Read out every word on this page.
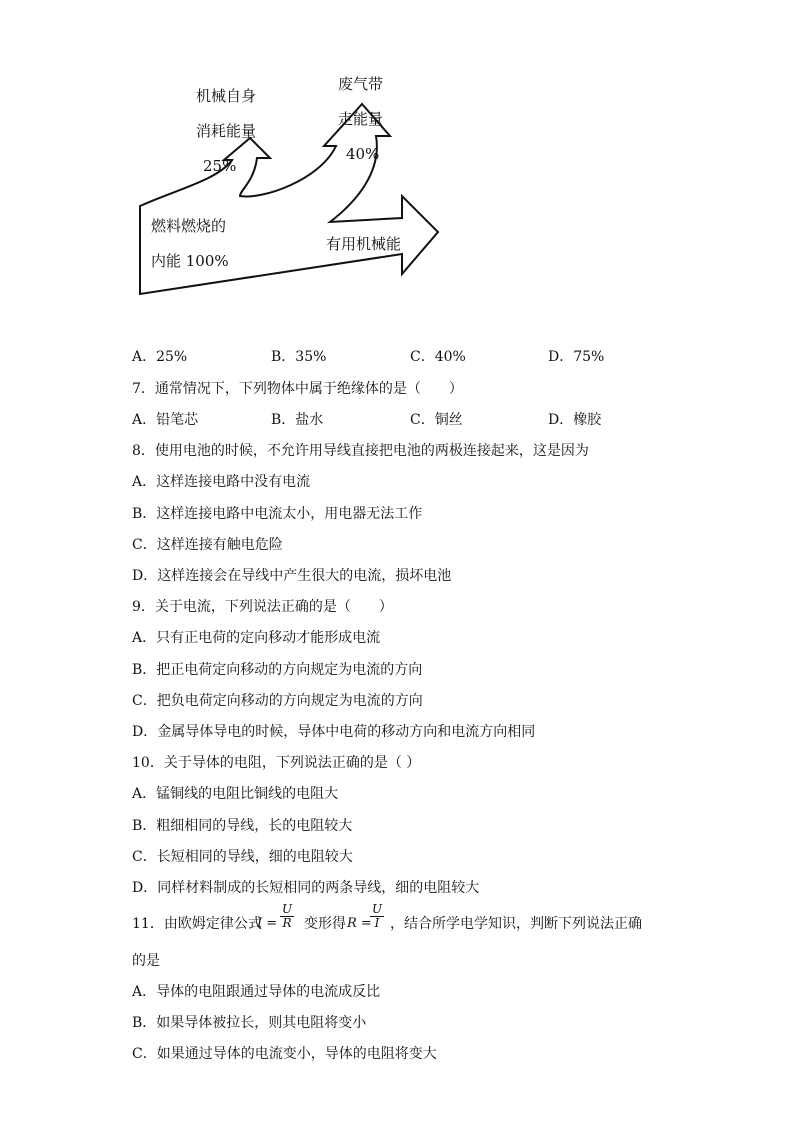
机械自身
消耗能量
25%
废气带
走能量
40%
燃料燃烧的
内能 100%
有用机械能
A．25%	B．35%	C．40%	D．75%
7．通常情况下，下列物体中属于绝缘体的是（　　）
A．铅笔芯	B．盐水	C．铜丝	D．橡胶
8．使用电池的时候，不允许用导线直接把电池的两极连接起来，这是因为
A．这样连接电路中没有电流
B．这样连接电路中电流太小，用电器无法工作
C．这样连接有触电危险
D．这样连接会在导线中产生很大的电流，损坏电池
9．关于电流，下列说法正确的是（　　）
A．只有正电荷的定向移动才能形成电流
B．把正电荷定向移动的方向规定为电流的方向
C．把负电荷定向移动的方向规定为电流的方向
D．金属导体导电的时候，导体中电荷的移动方向和电流方向相同
10．关于导体的电阻，下列说法正确的是（ ）
A．锰铜线的电阻比铜线的电阻大
B．粗细相同的导线，长的电阻较大
C．长短相同的导线，细的电阻较大
D．同样材料制成的长短相同的两条导线，细的电阻较大
11．由欧姆定律公式
I =
U
R 变形得 R =
U
I ，结合所学电学知识，判断下列说法正确
的是
A．导体的电阻跟通过导体的电流成反比
B．如果导体被拉长，则其电阻将变小
C．如果通过导体的电流变小，导体的电阻将变大
